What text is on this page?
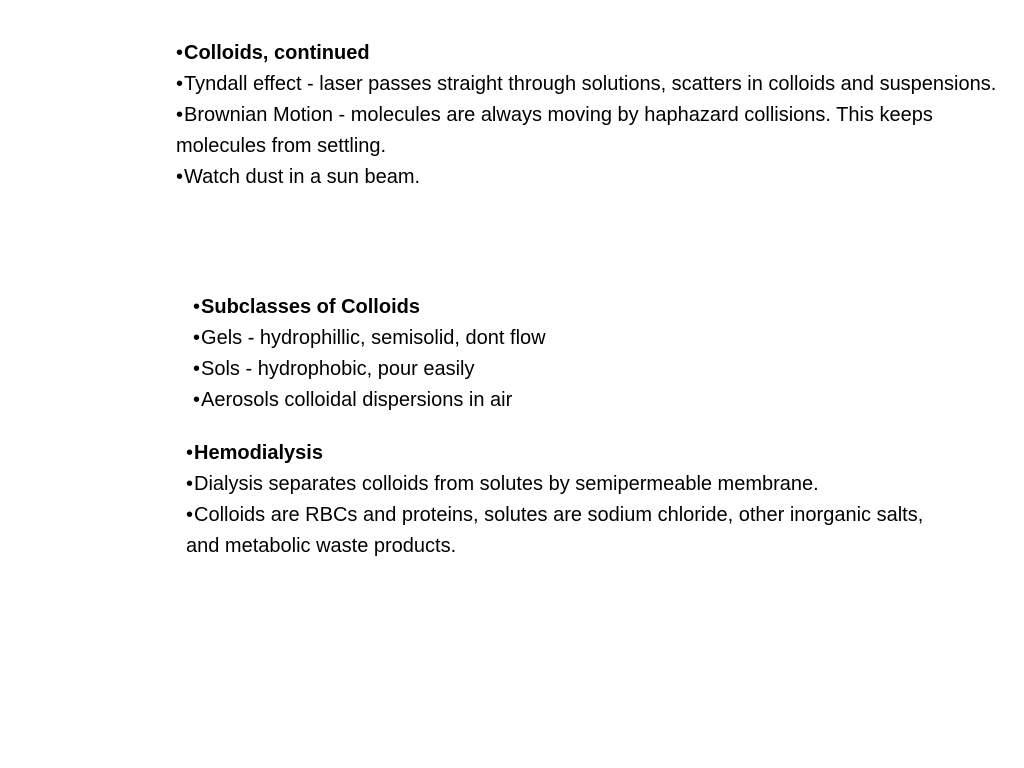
•Colloids, continued
•Tyndall effect - laser passes straight through solutions, scatters in colloids and suspensions.
•Brownian Motion - molecules are always moving by haphazard collisions. This keeps molecules from settling.
•Watch dust in a sun beam.
•Subclasses of Colloids
•Gels - hydrophillic, semisolid, dont flow
•Sols - hydrophobic, pour easily
•Aerosols colloidal dispersions in air
•Hemodialysis
•Dialysis separates colloids from solutes by semipermeable membrane.
•Colloids are RBCs and proteins, solutes are sodium chloride, other inorganic salts, and metabolic waste products.
